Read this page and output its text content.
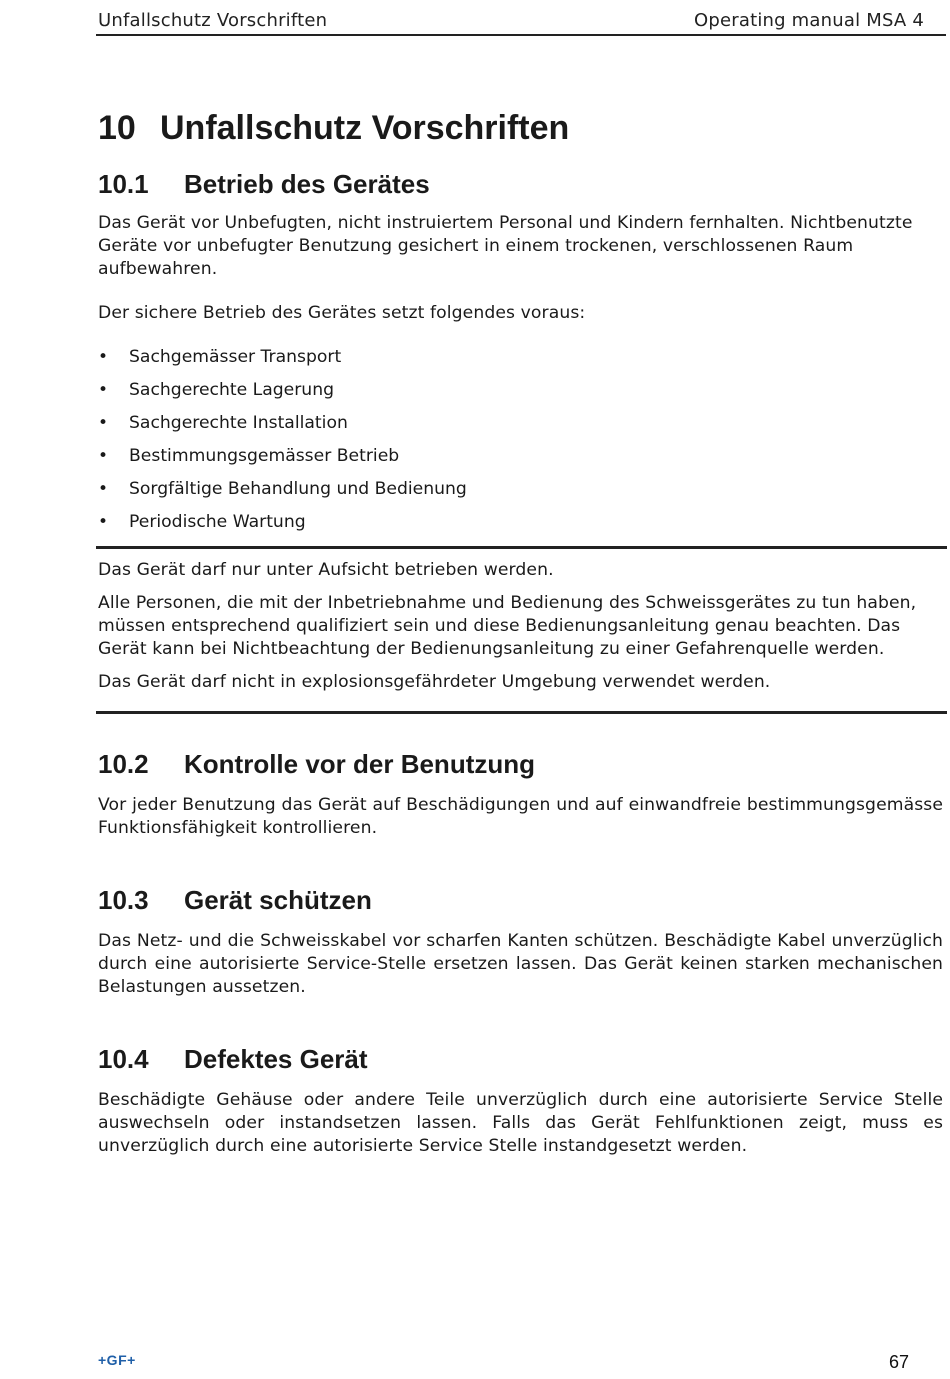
Unfallschutz Vorschriften	Operating manual MSA 4
10 Unfallschutz Vorschriften
10.1 Betrieb des Gerätes

Das Gerät vor Unbefugten, nicht instruiertem Personal und Kindern fernhalten. Nichtbenutzte Geräte vor unbefugter Benutzung gesichert in einem trockenen, verschlossenen Raum aufbewahren.

Der sichere Betrieb des Gerätes setzt folgendes voraus:

• Sachgemässer Transport
• Sachgerechte Lagerung
• Sachgerechte Installation
• Bestimmungsgemässer Betrieb
• Sorgfältige Behandlung und Bedienung
• Periodische Wartung

Das Gerät darf nur unter Aufsicht betrieben werden.

Alle Personen, die mit der Inbetriebnahme und Bedienung des Schweissgerätes zu tun haben, müssen entsprechend qualifiziert sein und diese Bedienungsanleitung genau beachten. Das Gerät kann bei Nichtbeachtung der Bedienungsanleitung zu einer Gefahrenquelle werden.

Das Gerät darf nicht in explosionsgefährdeter Umgebung verwendet werden.

10.2 Kontrolle vor der Benutzung

Vor jeder Benutzung das Gerät auf Beschädigungen und auf einwandfreie bestimmungsgemässe Funktionsfähigkeit kontrollieren.

10.3 Gerät schützen

Das Netz- und die Schweisskabel vor scharfen Kanten schützen. Beschädigte Kabel unverzüglich durch eine autorisierte Service-Stelle ersetzen lassen. Das Gerät keinen starken mechanischen Belastungen aussetzen.

10.4 Defektes Gerät

Beschädigte Gehäuse oder andere Teile unverzüglich durch eine autorisierte Service Stelle auswechseln oder instandsetzen lassen. Falls das Gerät Fehlfunktionen zeigt, muss es unverzüglich durch eine autorisierte Service Stelle instandgesetzt werden.

+GF+	67
